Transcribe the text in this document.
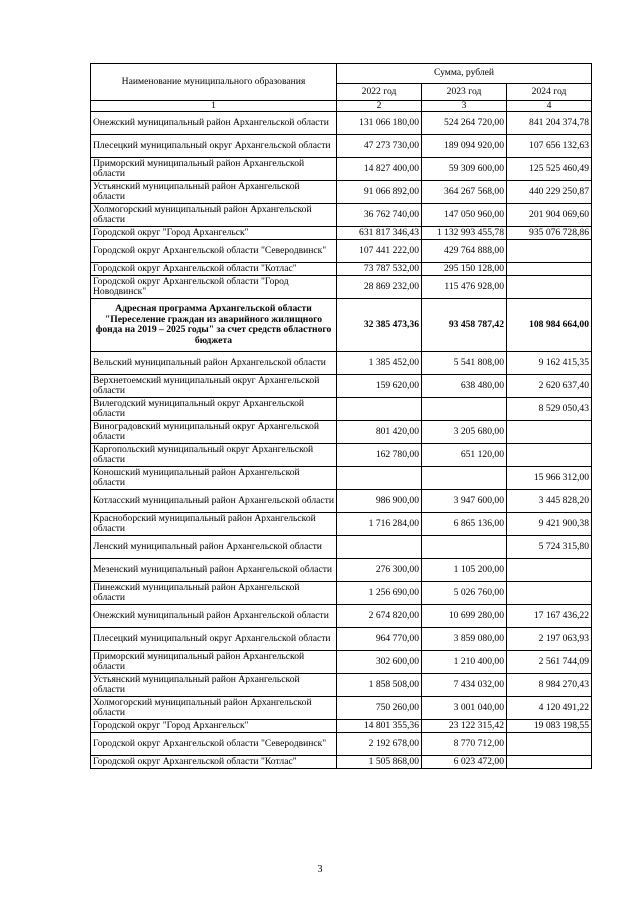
Наименование муниципального образования	Сумма, рублей		
	2022 год	2023 год	2024 год
1	2	3	4
Онежский муниципальный район Архангельской области	131 066 180,00	524 264 720,00	841 204 374,78
Плесецкий муниципальный округ Архангельской области	47 273 730,00	189 094 920,00	107 656 132,63
Приморский муниципальный район Архангельской области	14 827 400,00	59 309 600,00	125 525 460,49
Устьянский муниципальный район Архангельской области	91 066 892,00	364 267 568,00	440 229 250,87
Холмогорский муниципальный район Архангельской области	36 762 740,00	147 050 960,00	201 904 069,60
Городской округ "Город Архангельск"	631 817 346,43	1 132 993 455,78	935 076 728,86
Городской округ Архангельской области "Северодвинск"	107 441 222,00	429 764 888,00	
Городской округ Архангельской области "Котлас"	73 787 532,00	295 150 128,00	
Городской округ Архангельской области "Город Новодвинск"	28 869 232,00	115 476 928,00	
Адресная программа Архангельской области "Переселение граждан из аварийного жилищного фонда на 2019 – 2025 годы" за счет средств областного бюджета	32 385 473,36	93 458 787,42	108 984 664,00
Вельский муниципальный район Архангельской области	1 385 452,00	5 541 808,00	9 162 415,35
Верхнетоемский муниципальный округ Архангельской области	159 620,00	638 480,00	2 620 637,40
Вилегодский муниципальный округ Архангельской области			8 529 050,43
Виноградовский муниципальный округ Архангельской области	801 420,00	3 205 680,00	
Каргопольский муниципальный округ Архангельской области	162 780,00	651 120,00	
Коношский муниципальный район Архангельской области			15 966 312,00
Котласский муниципальный район Архангельской области	986 900,00	3 947 600,00	3 445 828,20
Красноборский муниципальный район Архангельской области	1 716 284,00	6 865 136,00	9 421 900,38
Ленский муниципальный район Архангельской области			5 724 315,80
Мезенский муниципальный район Архангельской области	276 300,00	1 105 200,00	
Пинежский муниципальный район Архангельской области	1 256 690,00	5 026 760,00	
Онежский муниципальный район Архангельской области	2 674 820,00	10 699 280,00	17 167 436,22
Плесецкий муниципальный округ Архангельской области	964 770,00	3 859 080,00	2 197 063,93
Приморский муниципальный район Архангельской области	302 600,00	1 210 400,00	2 561 744,09
Устьянский муниципальный район Архангельской области	1 858 508,00	7 434 032,00	8 984 270,43
Холмогорский муниципальный район Архангельской области	750 260,00	3 001 040,00	4 120 491,22
Городской округ "Город Архангельск"	14 801 355,36	23 122 315,42	19 083 198,55
Городской округ Архангельской области "Северодвинск"	2 192 678,00	8 770 712,00	
Городской округ Архангельской области "Котлас"	1 505 868,00	6 023 472,00	
3
